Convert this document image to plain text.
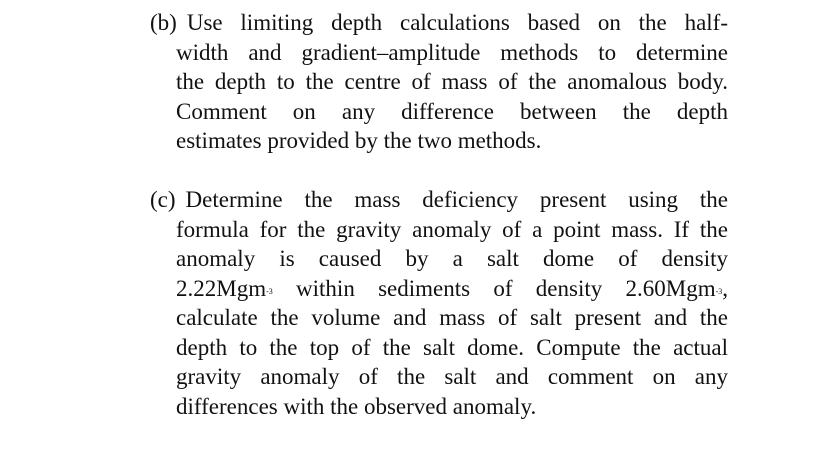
(b) Use limiting depth calculations based on the half-
width and gradient–amplitude methods to determine
the depth to the centre of mass of the anomalous body.
Comment on any difference between the depth
estimates provided by the two methods.
(c) Determine the mass deficiency present using the
formula for the gravity anomaly of a point mass. If the
anomaly is caused by a salt dome of density
2.22Mgm$^{-3}$ within sediments of density 2.60Mgm$^{-3}$,
calculate the volume and mass of salt present and the
depth to the top of the salt dome. Compute the actual
gravity anomaly of the salt and comment on any
differences with the observed anomaly.
